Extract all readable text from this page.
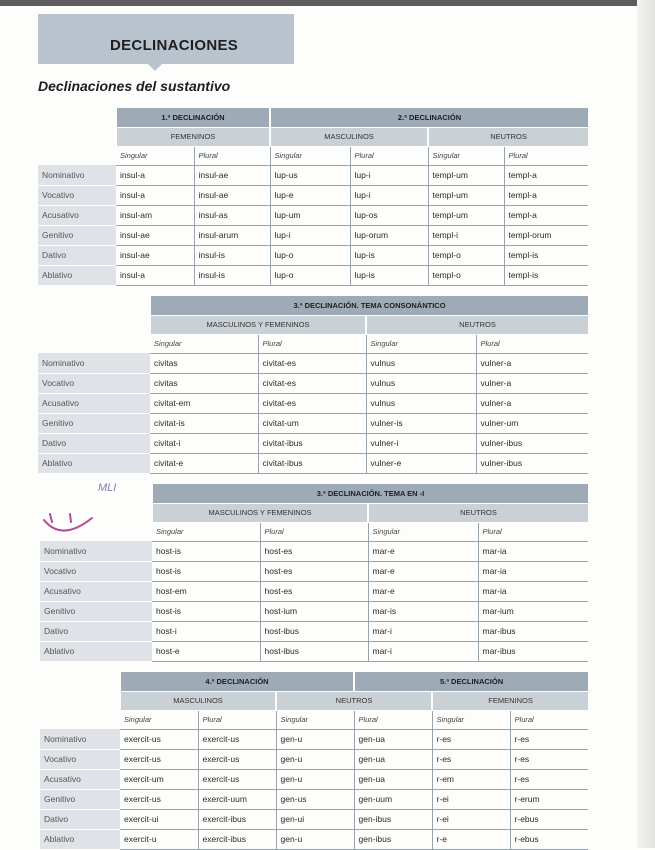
DECLINACIONES
Declinaciones del sustantivo
MLI
	1.ª DECLINACIÓN		2.ª DECLINACIÓN			
	FEMENINOS		MASCULINOS		NEUTROS	
	Singular	Plural	Singular	Plural	Singular	Plural
Nominativo	insul-a	insul-ae	lup-us	lup-i	templ-um	templ-a
Vocativo	insul-a	insul-ae	lup-e	lup-i	templ-um	templ-a
Acusativo	insul-am	insul-as	lup-um	lup-os	templ-um	templ-a
Genitivo	insul-ae	insul-arum	lup-i	lup-orum	templ-i	templ-orum
Dativo	insul-ae	insul-is	lup-o	lup-is	templ-o	templ-is
Ablativo	insul-a	insul-is	lup-o	lup-is	templ-o	templ-is
	3.ª DECLINACIÓN. TEMA CONSONÁNTICO			
	MASCULINOS Y FEMENINOS		NEUTROS	
	Singular	Plural	Singular	Plural
Nominativo	civitas	civitat-es	vulnus	vulner-a
Vocativo	civitas	civitat-es	vulnus	vulner-a
Acusativo	civitat-em	civitat-es	vulnus	vulner-a
Genitivo	civitat-is	civitat-um	vulner-is	vulner-um
Dativo	civitat-i	civitat-ibus	vulner-i	vulner-ibus
Ablativo	civitat-e	civitat-ibus	vulner-e	vulner-ibus
	3.ª DECLINACIÓN. TEMA EN -I			
	MASCULINOS Y FEMENINOS		NEUTROS	
	Singular	Plural	Singular	Plural
Nominativo	host-is	host-es	mar-e	mar-ia
Vocativo	host-is	host-es	mar-e	mar-ia
Acusativo	host-em	host-es	mar-e	mar-ia
Genitivo	host-is	host-ium	mar-is	mar-ium
Dativo	host-i	host-ibus	mar-i	mar-ibus
Ablativo	host-e	host-ibus	mar-i	mar-ibus
	4.ª DECLINACIÓN			5.ª DECLINACIÓN		
	MASCULINOS		NEUTROS		FEMENINOS	
	Singular	Plural	Singular	Plural	Singular	Plural
Nominativo	exercit-us	exercit-us	gen-u	gen-ua	r-es	r-es
Vocativo	exercit-us	exercit-us	gen-u	gen-ua	r-es	r-es
Acusativo	exercit-um	exercit-us	gen-u	gen-ua	r-em	r-es
Genitivo	exercit-us	exercit-uum	gen-us	gen-uum	r-ei	r-erum
Dativo	exercit-ui	exercit-ibus	gen-ui	gen-ibus	r-ei	r-ebus
Ablativo	exercit-u	exercit-ibus	gen-u	gen-ibus	r-e	r-ebus
